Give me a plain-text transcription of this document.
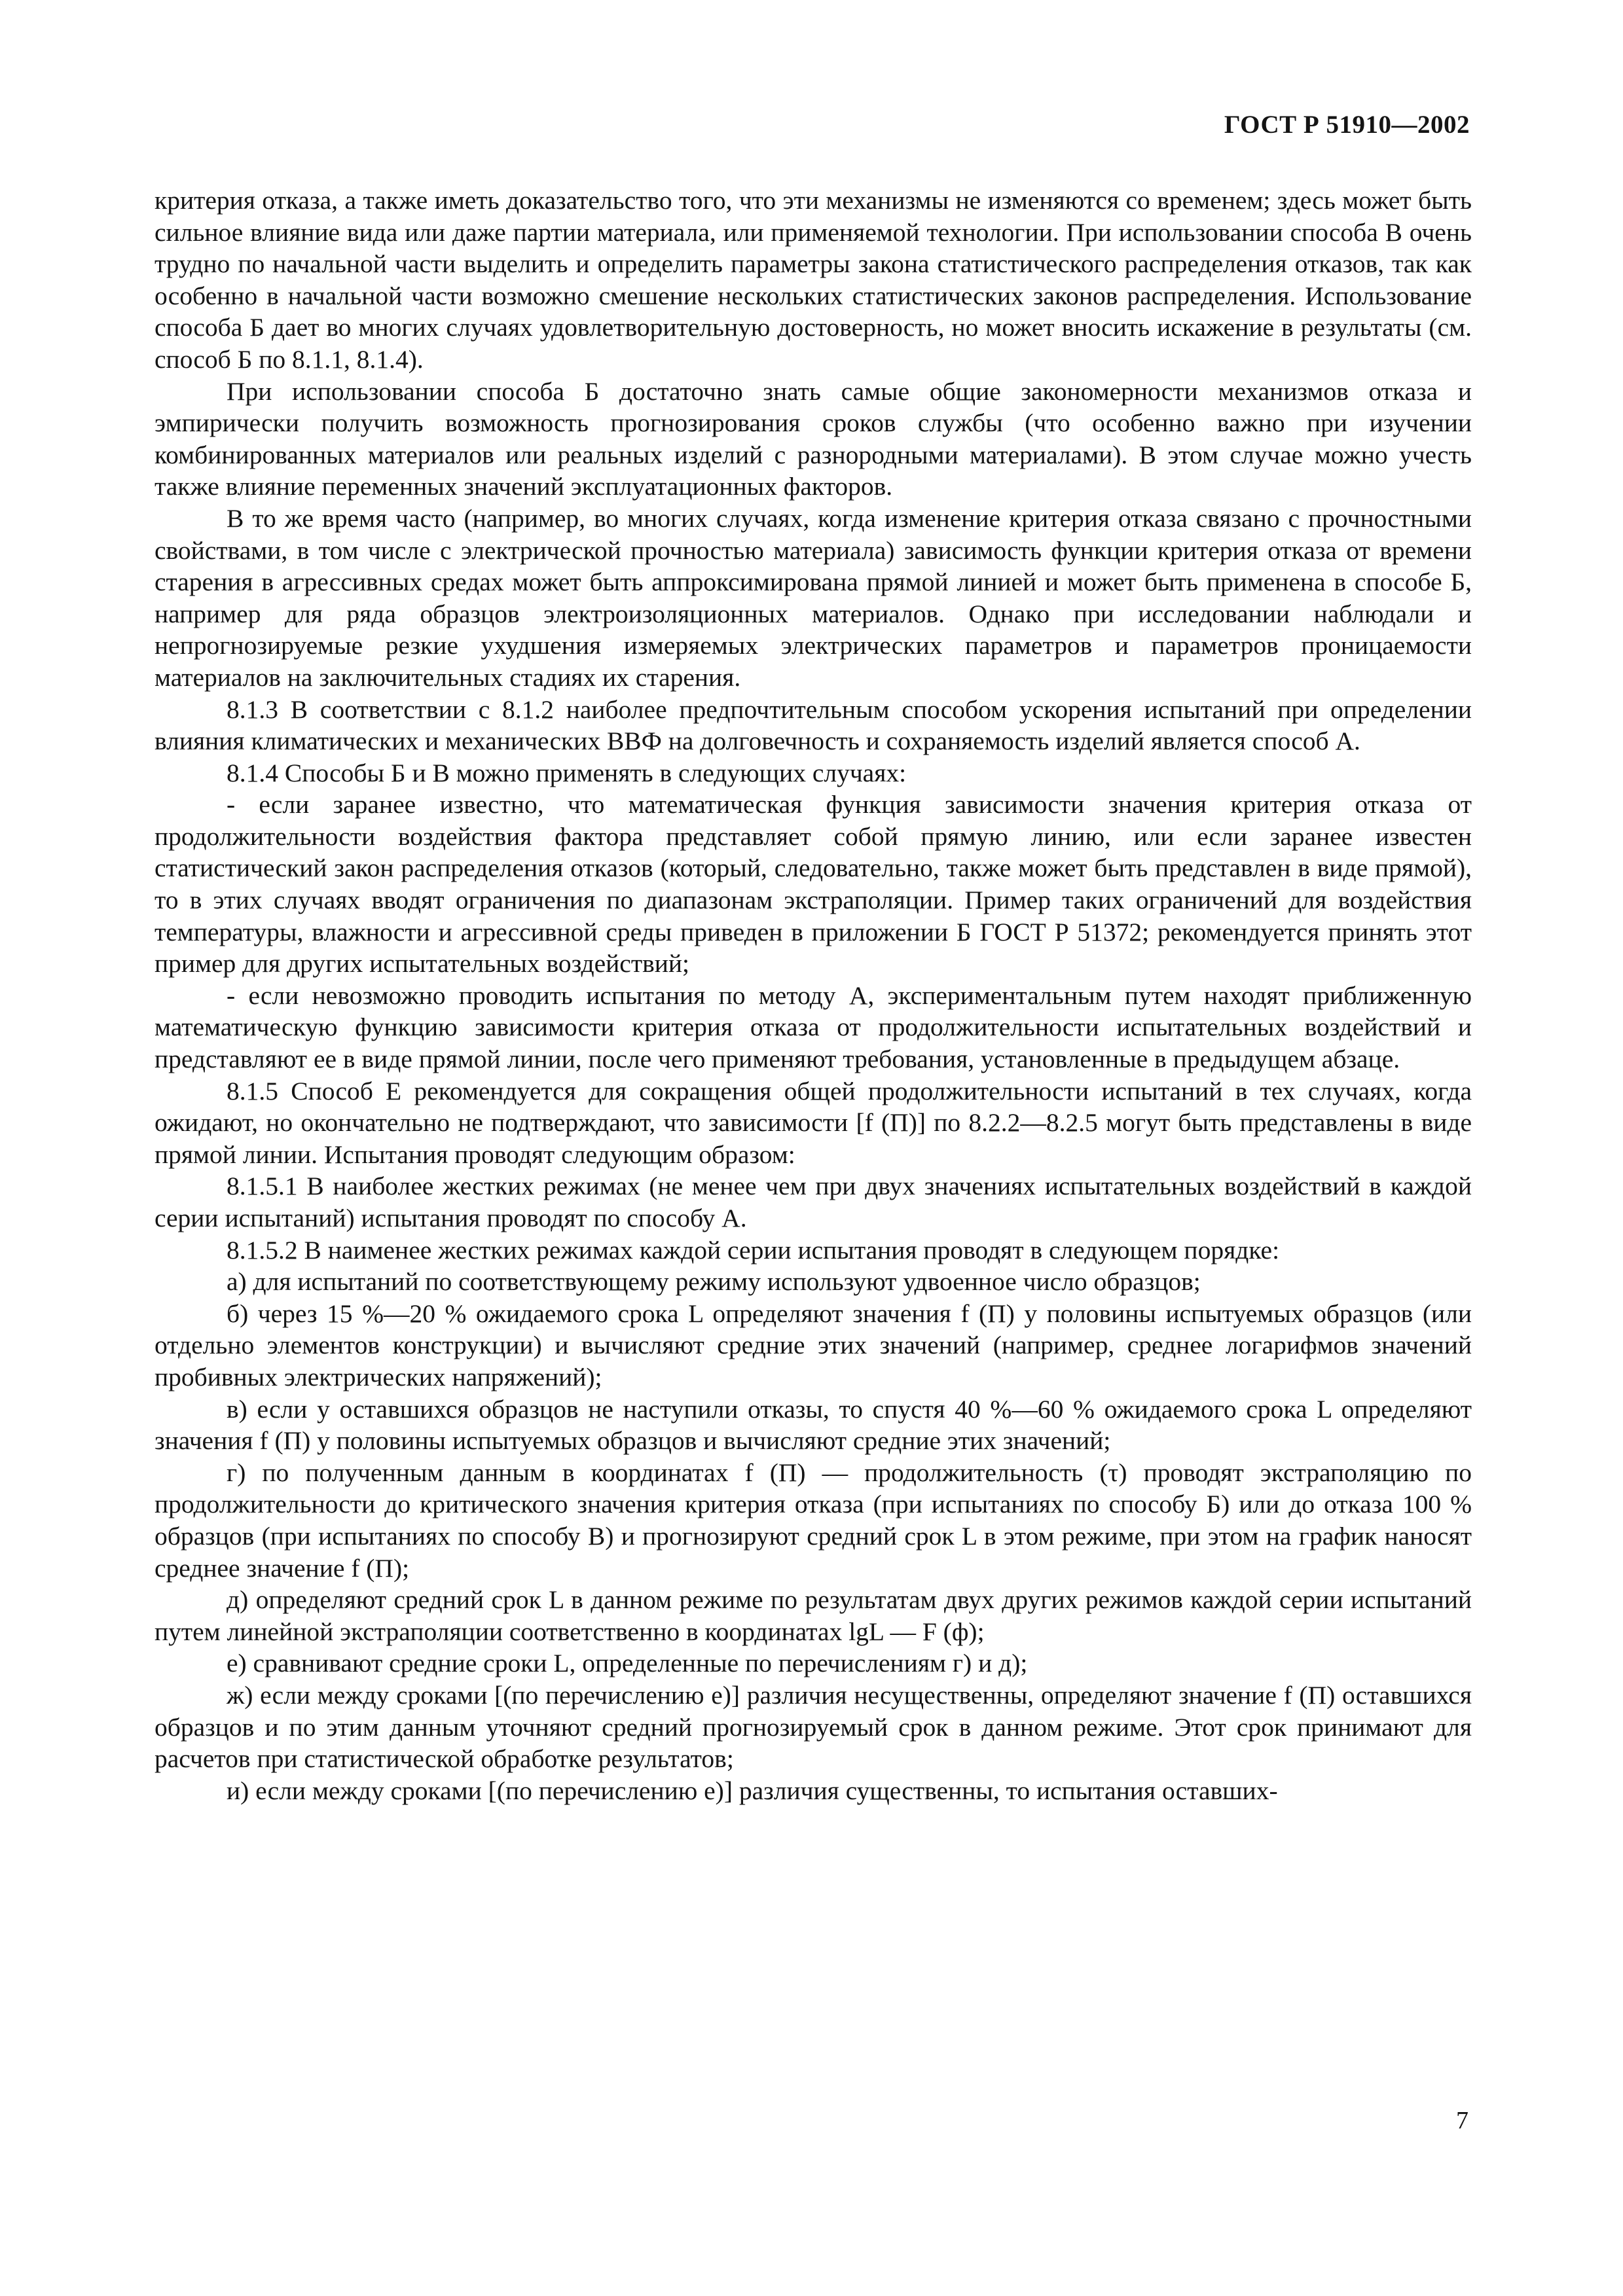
ГОСТ Р 51910—2002

критерия отказа, а также иметь доказательство того, что эти механизмы не изменяются со временем; здесь может быть сильное влияние вида или даже партии материала, или применяемой технологии. При использовании способа В очень трудно по начальной части выделить и определить параметры закона статистического распределения отказов, так как особенно в начальной части возможно смешение нескольких статистических законов распределения. Использование способа Б дает во многих случаях удовлетворительную достоверность, но может вносить искажение в результаты (см. способ Б по 8.1.1, 8.1.4).

При использовании способа Б достаточно знать самые общие закономерности механизмов отказа и эмпирически получить возможность прогнозирования сроков службы (что особенно важно при изучении комбинированных материалов или реальных изделий с разнородными материалами). В этом случае можно учесть также влияние переменных значений эксплуатационных факторов.

В то же время часто (например, во многих случаях, когда изменение критерия отказа связано с прочностными свойствами, в том числе с электрической прочностью материала) зависимость функции критерия отказа от времени старения в агрессивных средах может быть аппроксимирована прямой линией и может быть применена в способе Б, например для ряда образцов электроизоляционных материалов. Однако при исследовании наблюдали и непрогнозируемые резкие ухудшения измеряемых электрических параметров и параметров проницаемости материалов на заключительных стадиях их старения.

8.1.3 В соответствии с 8.1.2 наиболее предпочтительным способом ускорения испытаний при определении влияния климатических и механических ВВФ на долговечность и сохраняемость изделий является способ А.

8.1.4 Способы Б и В можно применять в следующих случаях:

- если заранее известно, что математическая функция зависимости значения критерия отказа от продолжительности воздействия фактора представляет собой прямую линию, или если заранее известен статистический закон распределения отказов (который, следовательно, также может быть представлен в виде прямой), то в этих случаях вводят ограничения по диапазонам экстраполяции. Пример таких ограничений для воздействия температуры, влажности и агрессивной среды приведен в приложении Б ГОСТ Р 51372; рекомендуется принять этот пример для других испытательных воздействий;

- если невозможно проводить испытания по методу А, экспериментальным путем находят приближенную математическую функцию зависимости критерия отказа от продолжительности испытательных воздействий и представляют ее в виде прямой линии, после чего применяют требования, установленные в предыдущем абзаце.

8.1.5 Способ Е рекомендуется для сокращения общей продолжительности испытаний в тех случаях, когда ожидают, но окончательно не подтверждают, что зависимости [f (П)] по 8.2.2—8.2.5 могут быть представлены в виде прямой линии. Испытания проводят следующим образом:

8.1.5.1 В наиболее жестких режимах (не менее чем при двух значениях испытательных воздействий в каждой серии испытаний) испытания проводят по способу А.

8.1.5.2 В наименее жестких режимах каждой серии испытания проводят в следующем порядке:

а) для испытаний по соответствующему режиму используют удвоенное число образцов;

б) через 15 %—20 % ожидаемого срока L определяют значения f (П) у половины испытуемых образцов (или отдельно элементов конструкции) и вычисляют средние этих значений (например, среднее логарифмов значений пробивных электрических напряжений);

в) если у оставшихся образцов не наступили отказы, то спустя 40 %—60 % ожидаемого срока L определяют значения f (П) у половины испытуемых образцов и вычисляют средние этих значений;

г) по полученным данным в координатах f (П) — продолжительность (τ) проводят экстраполяцию по продолжительности до критического значения критерия отказа (при испытаниях по способу Б) или до отказа 100 % образцов (при испытаниях по способу В) и прогнозируют средний срок L в этом режиме, при этом на график наносят среднее значение f (П);

д) определяют средний срок L в данном режиме по результатам двух других режимов каждой серии испытаний путем линейной экстраполяции соответственно в координатах lgL — F (ф);

е) сравнивают средние сроки L, определенные по перечислениям г) и д);

ж) если между сроками [(по перечислению е)] различия несущественны, определяют значение f (П) оставшихся образцов и по этим данным уточняют средний прогнозируемый срок в данном режиме. Этот срок принимают для расчетов при статистической обработке результатов;

и) если между сроками [(по перечислению е)] различия существенны, то испытания оставших-

7
